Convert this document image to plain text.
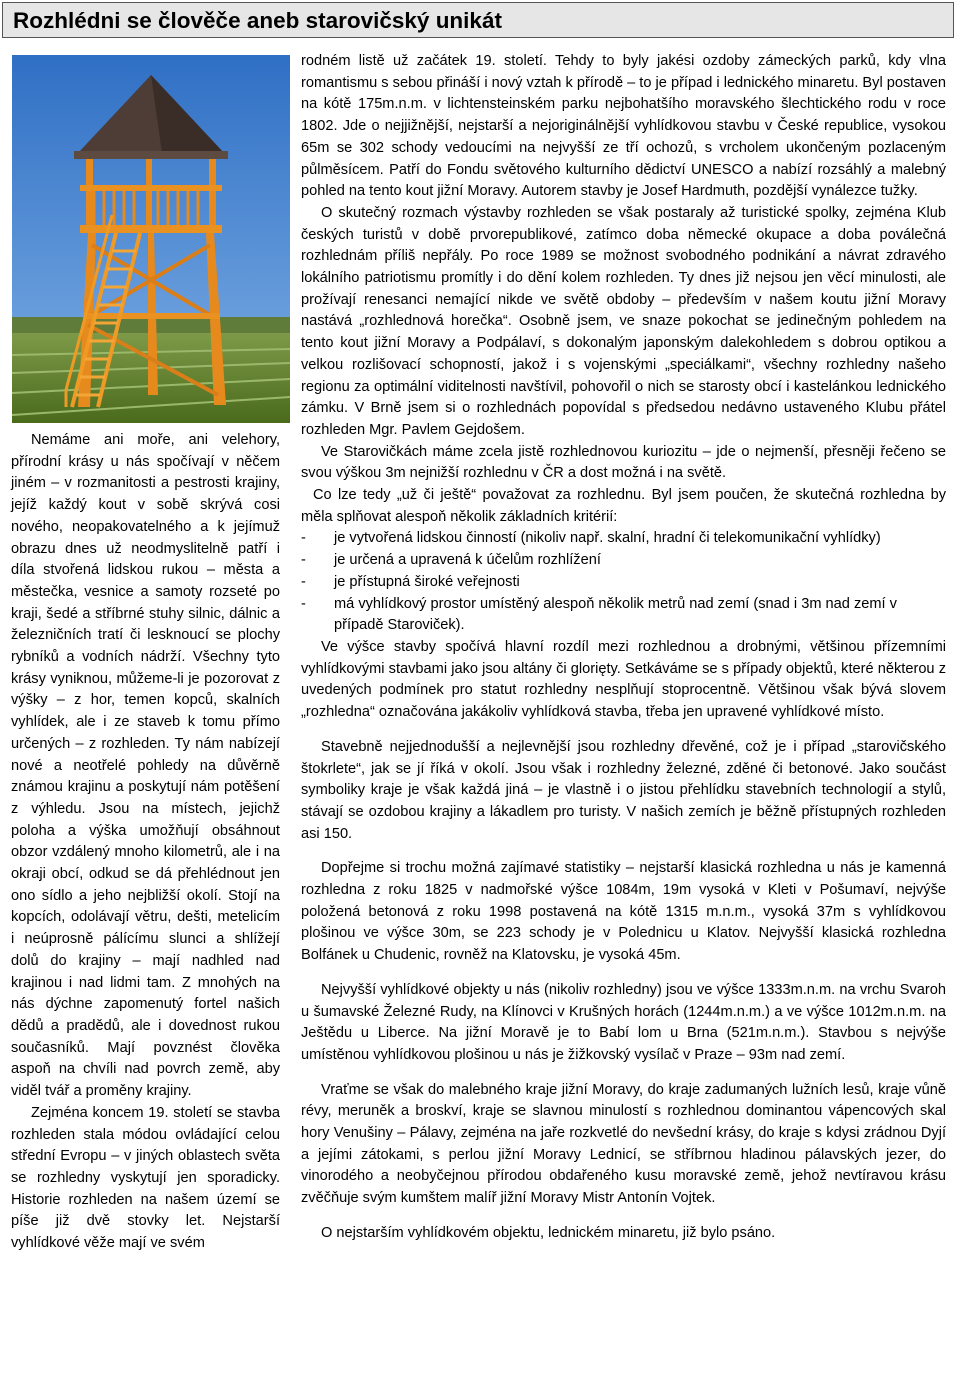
Rozhlédni se člověče aneb starovičský unikát

Nemáme ani moře, ani velehory, přírodní krásy u nás spočívají v něčem jiném – v rozmanitosti a pestrosti krajiny, jejíž každý kout v sobě skrývá cosi nového, neopakovatelného a k jejímuž obrazu dnes už neodmyslitelně patří i díla stvořená lidskou rukou – města a městečka, vesnice a samoty rozseté po kraji, šedé a stříbrné stuhy silnic, dálnic a železničních tratí či lesknoucí se plochy rybníků a vodních nádrží. Všechny tyto krásy vyniknou, můžeme-li je pozorovat z výšky – z hor, temen kopců, skalních vyhlídek, ale i ze staveb k tomu přímo určených – z rozhleden. Ty nám nabízejí nové a neotřelé pohledy na důvěrně známou krajinu a poskytují nám potěšení z výhledu. Jsou na místech, jejichž poloha a výška umožňují obsáhnout obzor vzdálený mnoho kilometrů, ale i na okraji obcí, odkud se dá přehlédnout jen ono sídlo a jeho nejbližší okolí. Stojí na kopcích, odolávají větru, dešti, metelicím i neúprosně pálícímu slunci a shlížejí dolů do krajiny – mají nadhled nad krajinou i nad lidmi tam. Z mnohých na nás dýchne zapomenutý fortel našich dědů a pradědů, ale i dovednost rukou současníků. Mají povznést člověka aspoň na chvíli nad povrch země, aby viděl tvář a proměny krajiny.

Zejména koncem 19. století se stavba rozhleden stala módou ovládající celou střední Evropu – v jiných oblastech světa se rozhledny vyskytují jen sporadicky. Historie rozhleden na našem území se píše již dvě stovky let. Nejstarší vyhlídkové věže mají ve svém

rodném listě už začátek 19. století. Tehdy to byly jakési ozdoby zámeckých parků, kdy vlna romantismu s sebou přináší i nový vztah k přírodě – to je případ i lednického minaretu. Byl postaven na kótě 175m.n.m. v lichtensteinském parku nejbohatšího moravského šlechtického rodu v roce 1802. Jde o nejjižnější, nejstarší a nejoriginálnější vyhlídkovou stavbu v České republice, vysokou 65m se 302 schody vedoucími na nejvyšší ze tří ochozů, s vrcholem ukončeným pozlaceným půlměsícem. Patří do Fondu světového kulturního dědictví UNESCO a nabízí rozsáhlý a malebný pohled na tento kout jižní Moravy. Autorem stavby je Josef Hardmuth, pozdější vynálezce tužky.

O skutečný rozmach výstavby rozhleden se však postaraly až turistické spolky, zejména Klub českých turistů v době prvorepublikové, zatímco doba německé okupace a doba poválečná rozhlednám příliš nepřály. Po roce 1989 se možnost svobodného podnikání a návrat zdravého lokálního patriotismu promítly i do dění kolem rozhleden. Ty dnes již nejsou jen věcí minulosti, ale prožívají renesanci nemající nikde ve světě obdoby – především v našem koutu jižní Moravy nastává „rozhlednová horečka“. Osobně jsem, ve snaze pokochat se jedinečným pohledem na tento kout jižní Moravy a Podpálaví, s dokonalým japonským dalekohledem s dobrou optikou a velkou rozlišovací schopností, jakož i s vojenskými „speciálkami“, všechny rozhledny našeho regionu za optimální viditelnosti navštívil, pohovořil o nich se starosty obcí i kastelánkou lednického zámku. V Brně jsem si o rozhlednách popovídal s předsedou nedávno ustaveného Klubu přátel rozhleden Mgr. Pavlem Gejdošem.

Ve Starovičkách máme zcela jistě rozhlednovou kuriozitu – jde o nejmenší, přesněji řečeno se svou výškou 3m nejnižší rozhlednu v ČR a dost možná i na světě.

Co lze tedy „už či ještě“ považovat za rozhlednu. Byl jsem poučen, že skutečná rozhledna by měla splňovat alespoň několik základních kritérií:

-	je vytvořená lidskou činností (nikoliv např. skalní, hradní či telekomunikační vyhlídky)
-	je určená a upravená k účelům rozhlížení
-	je přístupná široké veřejnosti
-	má vyhlídkový prostor umístěný alespoň několik metrů nad zemí (snad i 3m nad zemí v případě Staroviček).

Ve výšce stavby spočívá hlavní rozdíl mezi rozhlednou a drobnými, většinou přízemními vyhlídkovými stavbami jako jsou altány či glorięty. Setkáváme se s případy objektů, které některou z uvedených podmínek pro statut rozhledny nesplňují stoprocentně. Většinou však bývá slovem „rozhledna“ označována jakákoliv vyhlídková stavba, třeba jen upravené vyhlídkové místo.

Stavebně nejjednodušší a nejlevnější jsou rozhledny dřevěné, což je i případ „starovičského štokrlete“, jak se jí říká v okolí. Jsou však i rozhledny železné, zděné či betonové. Jako součást symboliky kraje je však každá jiná – je vlastně i o jistou přehlídku stavebních technologií a stylů, stávají se ozdobou krajiny a lákadlem pro turisty. V našich zemích je běžně přístupných rozhleden asi 150.

Dopřejme si trochu možná zajímavé statistiky – nejstarší klasická rozhledna u nás je kamenná rozhledna z roku 1825 v nadmořské výšce 1084m, 19m vysoká v Kleti v Pošumaví, nejvýše položená betonová z roku 1998 postavená na kótě 1315 m.n.m., vysoká 37m s vyhlídkovou plošinou ve výšce 30m, se 223 schody je v Polednicu u Klatov. Nejvyšší klasická rozhledna Bolfánek u Chudenic, rovněž na Klatovsku, je vysoká 45m.

Nejvyšší vyhlídkové objekty u nás (nikoliv rozhledny) jsou ve výšce 1333m.n.m. na vrchu Svaroh u šumavské Železné Rudy, na Klínovci v Krušných horách (1244m.n.m.) a ve výšce 1012m.n.m. na Ještědu u Liberce. Na jižní Moravě je to Babí lom u Brna (521m.n.m.). Stavbou s nejvýše umístěnou vyhlídkovou plošinou u nás je žižkovský vysílač v Praze – 93m nad zemí.

Vraťme se však do malebného kraje jižní Moravy, do kraje zadumaných lužních lesů, kraje vůně révy, meruněk a broskví, kraje se slavnou minulostí s rozhlednou dominantou vápencových skal hory Venušiny – Pálavy, zejména na jaře rozkvetlé do nevšední krásy, do kraje s kdysi zrádnou Dyjí a jejími zátokami, s perlou jižní Moravy Lednicí, se stříbrnou hladinou pálavských jezer, do vinorodého a neobyčejnou přírodou obdařeného kusu moravské země, jehož nevtíravou krásu zvěčňuje svým kumštem malíř jižní Moravy Mistr Antonín Vojtek.

O nejstarším vyhlídkovém objektu, lednickém minaretu, již bylo psáno.
